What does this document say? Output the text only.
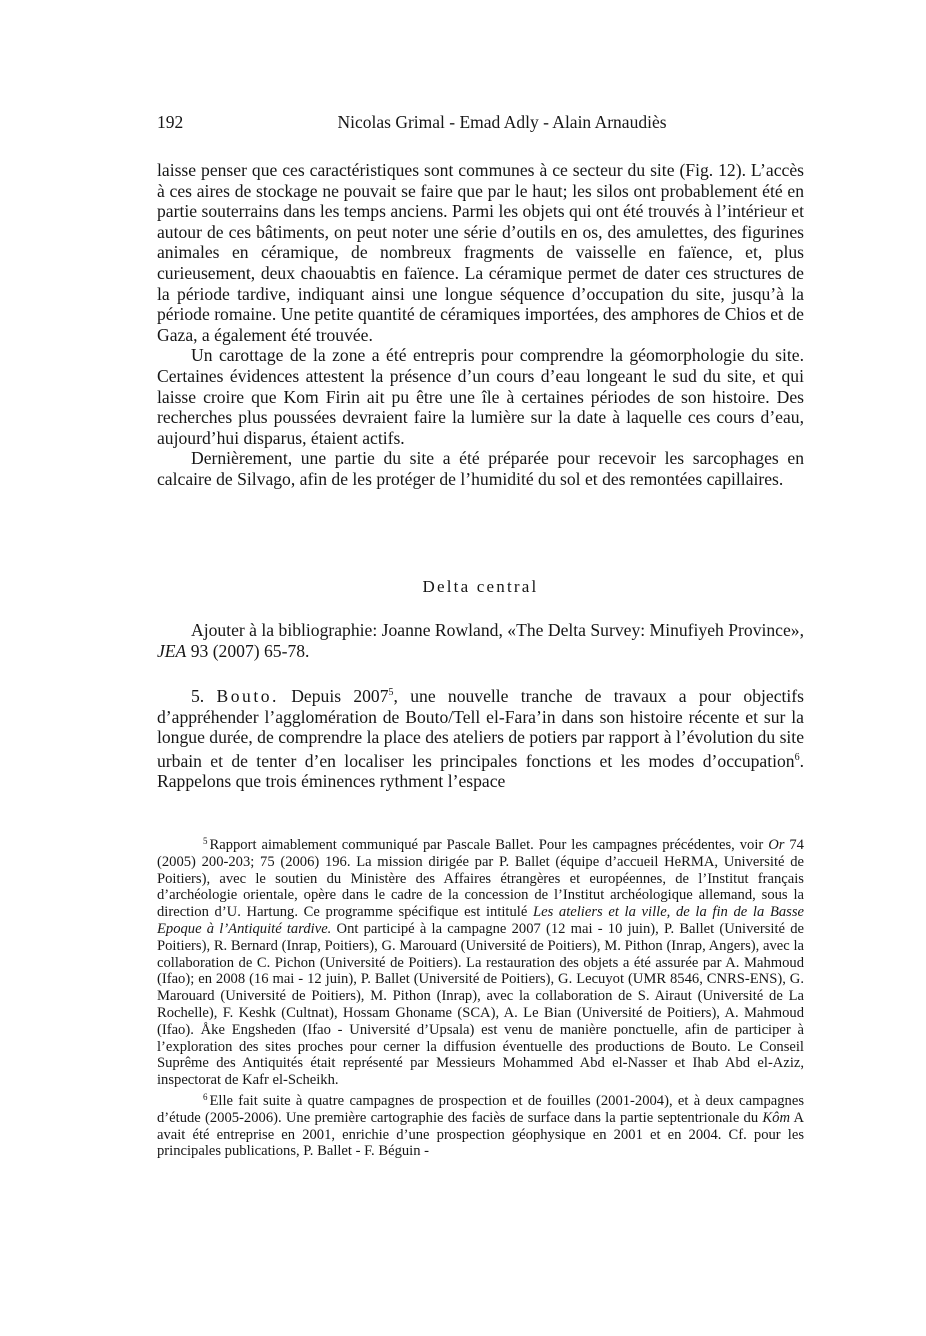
192	Nicolas Grimal - Emad Adly - Alain Arnaudiès

laisse penser que ces caractéristiques sont communes à ce secteur du site (Fig. 12). L’accès à ces aires de stockage ne pouvait se faire que par le haut; les silos ont probablement été en partie souterrains dans les temps anciens. Parmi les objets qui ont été trouvés à l’intérieur et autour de ces bâtiments, on peut noter une série d’outils en os, des amulettes, des figurines animales en céramique, de nombreux fragments de vaisselle en faïence, et, plus curieusement, deux chaouabtis en faïence. La céramique permet de dater ces structures de la période tardive, indiquant ainsi une longue séquence d’occupation du site, jusqu’à la période romaine. Une petite quantité de céramiques importées, des amphores de Chios et de Gaza, a également été trouvée.

Un carottage de la zone a été entrepris pour comprendre la géomorphologie du site. Certaines évidences attestent la présence d’un cours d’eau longeant le sud du site, et qui laisse croire que Kom Firin ait pu être une île à certaines périodes de son histoire. Des recherches plus poussées devraient faire la lumière sur la date à laquelle ces cours d’eau, aujourd’hui disparus, étaient actifs.

Dernièrement, une partie du site a été préparée pour recevoir les sarcophages en calcaire de Silvago, afin de les protéger de l’humidité du sol et des remontées capillaires.

Delta central

Ajouter à la bibliographie: Joanne Rowland, «The Delta Survey: Minufiyeh Province», JEA 93 (2007) 65-78.

5. Bouto. Depuis 2007$^5$, une nouvelle tranche de travaux a pour objectifs d’appréhender l’agglomération de Bouto/Tell el-Fara’in dans son histoire récente et sur la longue durée, de comprendre la place des ateliers de potiers par rapport à l’évolution du site urbain et de tenter d’en localiser les principales fonctions et les modes d’occupation$^6$. Rappelons que trois éminences rythment l’espace

$^5$ Rapport aimablement communiqué par Pascale Ballet. Pour les campagnes précédentes, voir Or 74 (2005) 200-203; 75 (2006) 196. La mission dirigée par P. Ballet (équipe d’accueil HeRMA, Université de Poitiers), avec le soutien du Ministère des Affaires étrangères et européennes, de l’Institut français d’archéologie orientale, opère dans le cadre de la concession de l’Institut archéologique allemand, sous la direction d’U. Hartung. Ce programme spécifique est intitulé Les ateliers et la ville, de la fin de la Basse Epoque à l’Antiquité tardive. Ont participé à la campagne 2007 (12 mai - 10 juin), P. Ballet (Université de Poitiers), R. Bernard (Inrap, Poitiers), G. Marouard (Université de Poitiers), M. Pithon (Inrap, Angers), avec la collaboration de C. Pichon (Université de Poitiers). La restauration des objets a été assurée par A. Mahmoud (Ifao); en 2008 (16 mai - 12 juin), P. Ballet (Université de Poitiers), G. Lecuyot (UMR 8546, CNRS-ENS), G. Marouard (Université de Poitiers), M. Pithon (Inrap), avec la collaboration de S. Airaut (Université de La Rochelle), F. Keshk (Cultnat), Hossam Ghoname (SCA), A. Le Bian (Université de Poitiers), A. Mahmoud (Ifao). Åke Engsheden (Ifao - Université d’Upsala) est venu de manière ponctuelle, afin de participer à l’exploration des sites proches pour cerner la diffusion éventuelle des productions de Bouto. Le Conseil Suprême des Antiquités était représenté par Messieurs Mohammed Abd el-Nasser et Ihab Abd el-Aziz, inspectorat de Kafr el-Scheikh.

$^6$ Elle fait suite à quatre campagnes de prospection et de fouilles (2001-2004), et à deux campagnes d’étude (2005-2006). Une première cartographie des faciès de surface dans la partie septentrionale du Kôm A avait été entreprise en 2001, enrichie d’une prospection géophysique en 2001 et en 2004. Cf. pour les principales publications, P. Ballet - F. Béguin -
